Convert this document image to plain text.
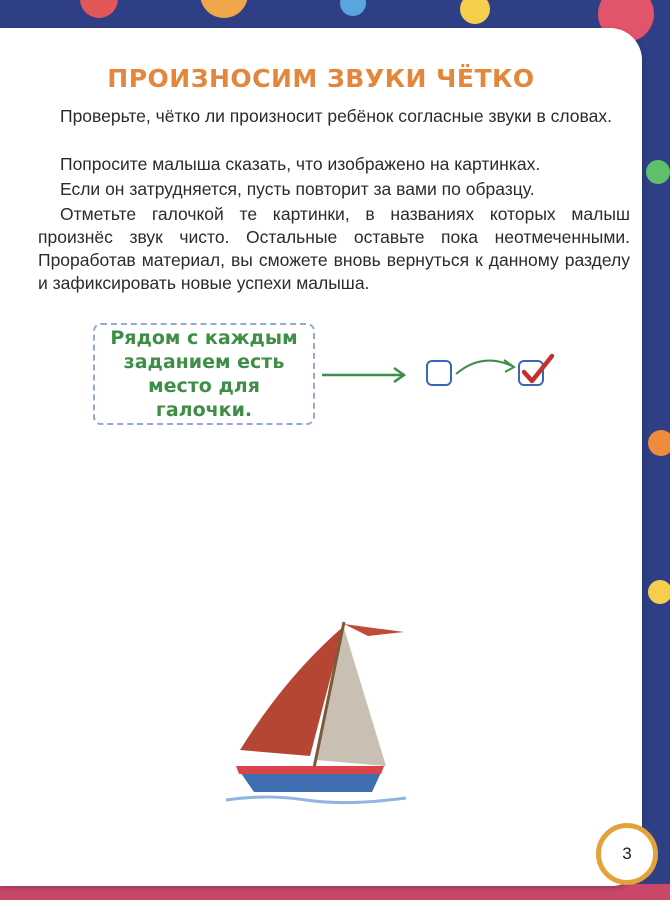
ПРОИЗНОСИМ ЗВУКИ ЧЁТКО

Проверьте, чётко ли произносит ребёнок согласные звуки в словах.

Попросите малыша сказать, что изображено на картинках.

Если он затрудняется, пусть повторит за вами по образцу.

Отметьте галочкой те картинки, в названиях которых малыш произнёс звук чисто. Остальные оставьте пока неотмеченными. Проработав материал, вы сможете вновь вернуться к данному разделу и зафиксировать новые успехи малыша.

Рядом с каждым заданием есть место для галочки.
3
